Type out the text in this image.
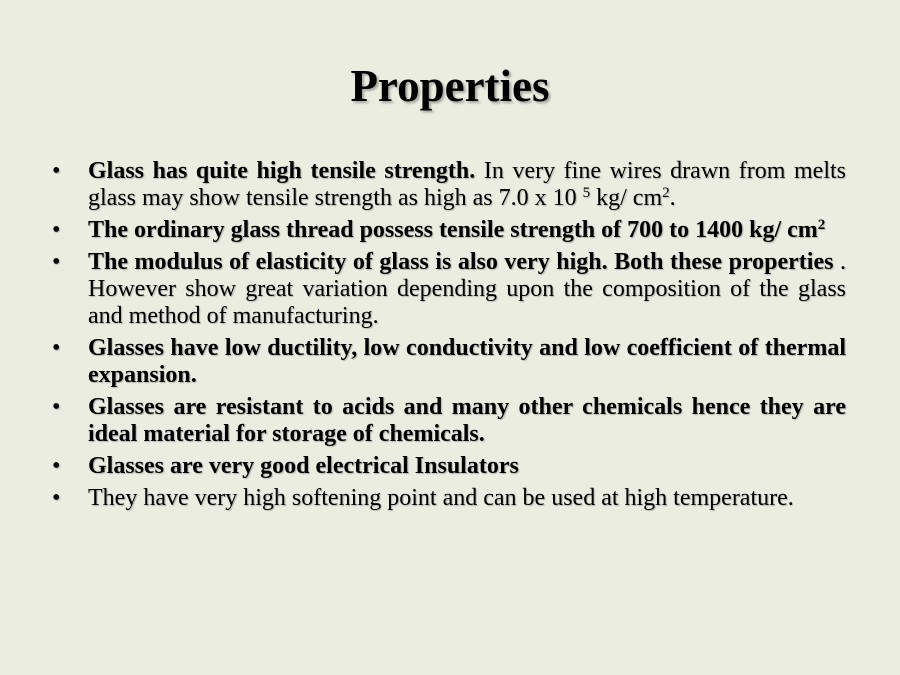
Properties
•	Glass has quite high tensile strength. In very fine wires drawn from melts glass may show tensile strength as high as 7.0 x 10 $^5$ kg/ $cm^2$.
•	The ordinary glass thread possess tensile strength of 700 to 1400 kg/ $cm^2$
•	The modulus of elasticity of glass is also very high. Both these properties . However show great variation depending upon the composition of the glass and method of manufacturing.
•	Glasses have low ductility, low conductivity and low coefficient of thermal expansion.
•	Glasses are resistant to acids and many other chemicals hence they are ideal material for storage of chemicals.
•	Glasses are very good electrical Insulators
•	They have very high softening point and can be used at high temperature.
